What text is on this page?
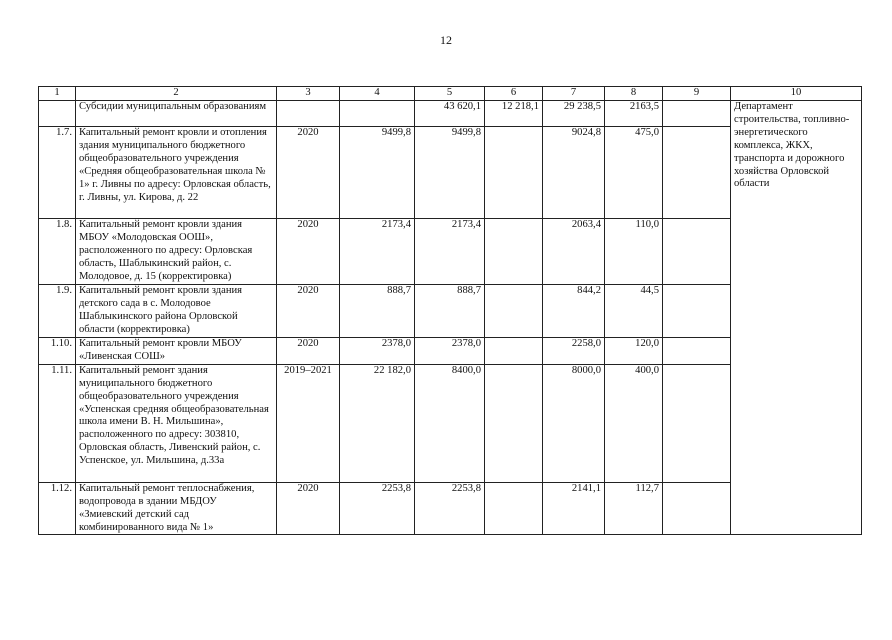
12
1	2	3	4	5	6	7	8	9	10
	Субсидии муниципальным образованиям			43 620,1	12 218,1	29 238,5	2163,5		Департамент строительства, топливно-энергетического комплекса, ЖКХ, транспорта и дорожного хозяйства Орловской области
1.7.	Капитальный ремонт кровли и отопления здания муниципального бюджетного общеобразовательного учреждения «Средняя общеобразовательная школа № 1» г. Ливны по адресу: Орловская область, г. Ливны, ул. Кирова, д. 22	2020	9499,8	9499,8		9024,8	475,0		
1.8.	Капитальный ремонт кровли здания МБОУ «Молодовская ООШ», расположенного по адресу: Орловская область, Шаблыкинский район, с. Молодовое, д. 15 (корректировка)	2020	2173,4	2173,4		2063,4	110,0		
1.9.	Капитальный ремонт кровли здания детского сада в с. Молодовое Шаблыкинского района Орловской области (корректировка)	2020	888,7	888,7		844,2	44,5		
1.10.	Капитальный ремонт кровли МБОУ «Ливенская СОШ»	2020	2378,0	2378,0		2258,0	120,0		
1.11.	Капитальный ремонт здания муниципального бюджетного общеобразовательного учреждения «Успенская средняя общеобразовательная школа имени В. Н. Мильшина», расположенного по адресу: 303810, Орловская область, Ливенский район, с. Успенское, ул. Мильшина, д.33а	2019–2021	22 182,0	8400,0		8000,0	400,0		
1.12.	Капитальный ремонт теплоснабжения, водопровода в здании МБДОУ «Змиевский детский сад комбинированного вида № 1»	2020	2253,8	2253,8		2141,1	112,7		
